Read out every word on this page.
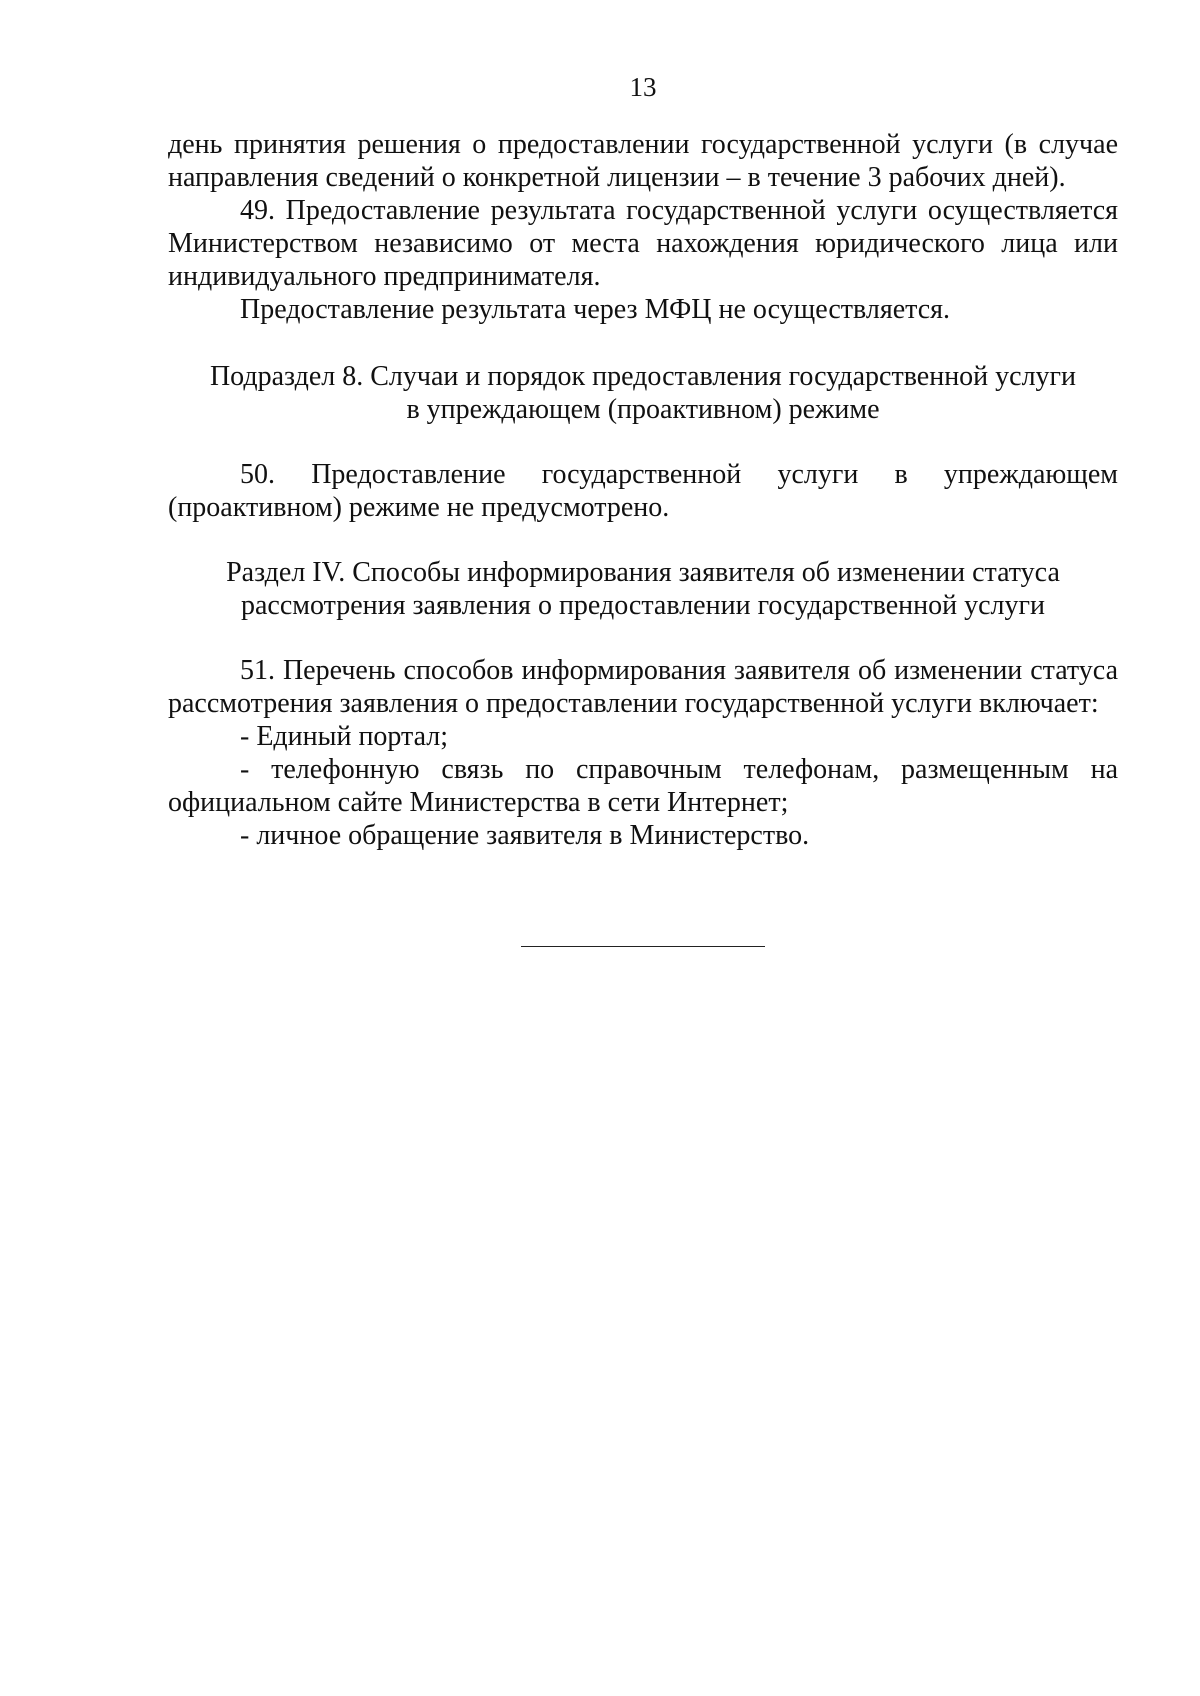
13

день принятия решения о предоставлении государственной услуги (в случае

направления сведений о конкретной лицензии – в течение 3 рабочих дней).

49. Предоставление результата государственной услуги осуществляется Министерством независимо от места нахождения юридического лица или индивидуального предпринимателя.

Предоставление результата через МФЦ не осуществляется.

Подраздел 8. Случаи и порядок предоставления государственной услуги

в упреждающем (проактивном) режиме

50. Предоставление государственной услуги в упреждающем (проактивном) режиме не предусмотрено.

Раздел IV. Способы информирования заявителя об изменении статуса

рассмотрения заявления о предоставлении государственной услуги

51. Перечень способов информирования заявителя об изменении статуса рассмотрения заявления о предоставлении государственной услуги включает:

- Единый портал;

- телефонную связь по справочным телефонам, размещенным на официальном сайте Министерства в сети Интернет;

- личное обращение заявителя в Министерство.
